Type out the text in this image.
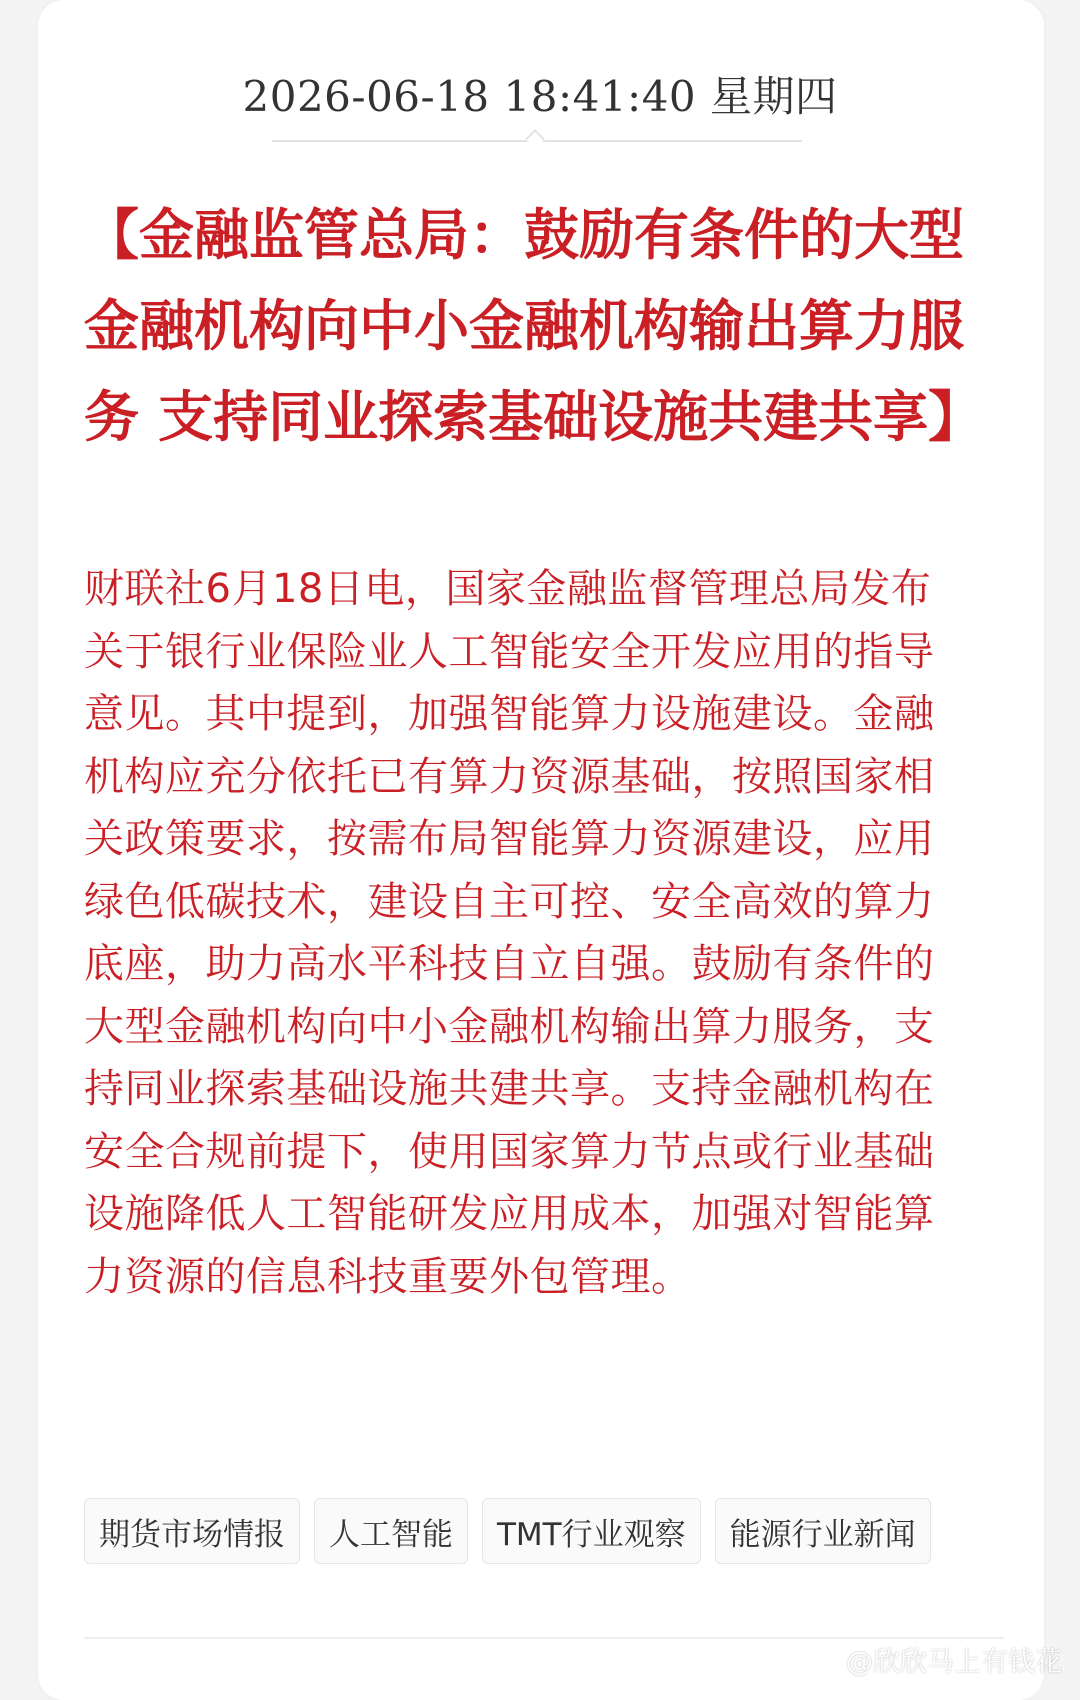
2026-06-18 18:41:40 星期四
【金融监管总局：鼓励有条件的大型金融机构向中小金融机构输出算力服务 支持同业探索基础设施共建共享】

财联社6月18日电，国家金融监督管理总局发布关于银行业保险业人工智能安全开发应用的指导意见。其中提到，加强智能算力设施建设。金融机构应充分依托已有算力资源基础，按照国家相关政策要求，按需布局智能算力资源建设，应用绿色低碳技术，建设自主可控、安全高效的算力底座，助力高水平科技自立自强。鼓励有条件的大型金融机构向中小金融机构输出算力服务，支持同业探索基础设施共建共享。支持金融机构在安全合规前提下，使用国家算力节点或行业基础设施降低人工智能研发应用成本，加强对智能算力资源的信息科技重要外包管理。

期货市场情报	人工智能	TMT行业观察	能源行业新闻
@欣欣马上有钱花
